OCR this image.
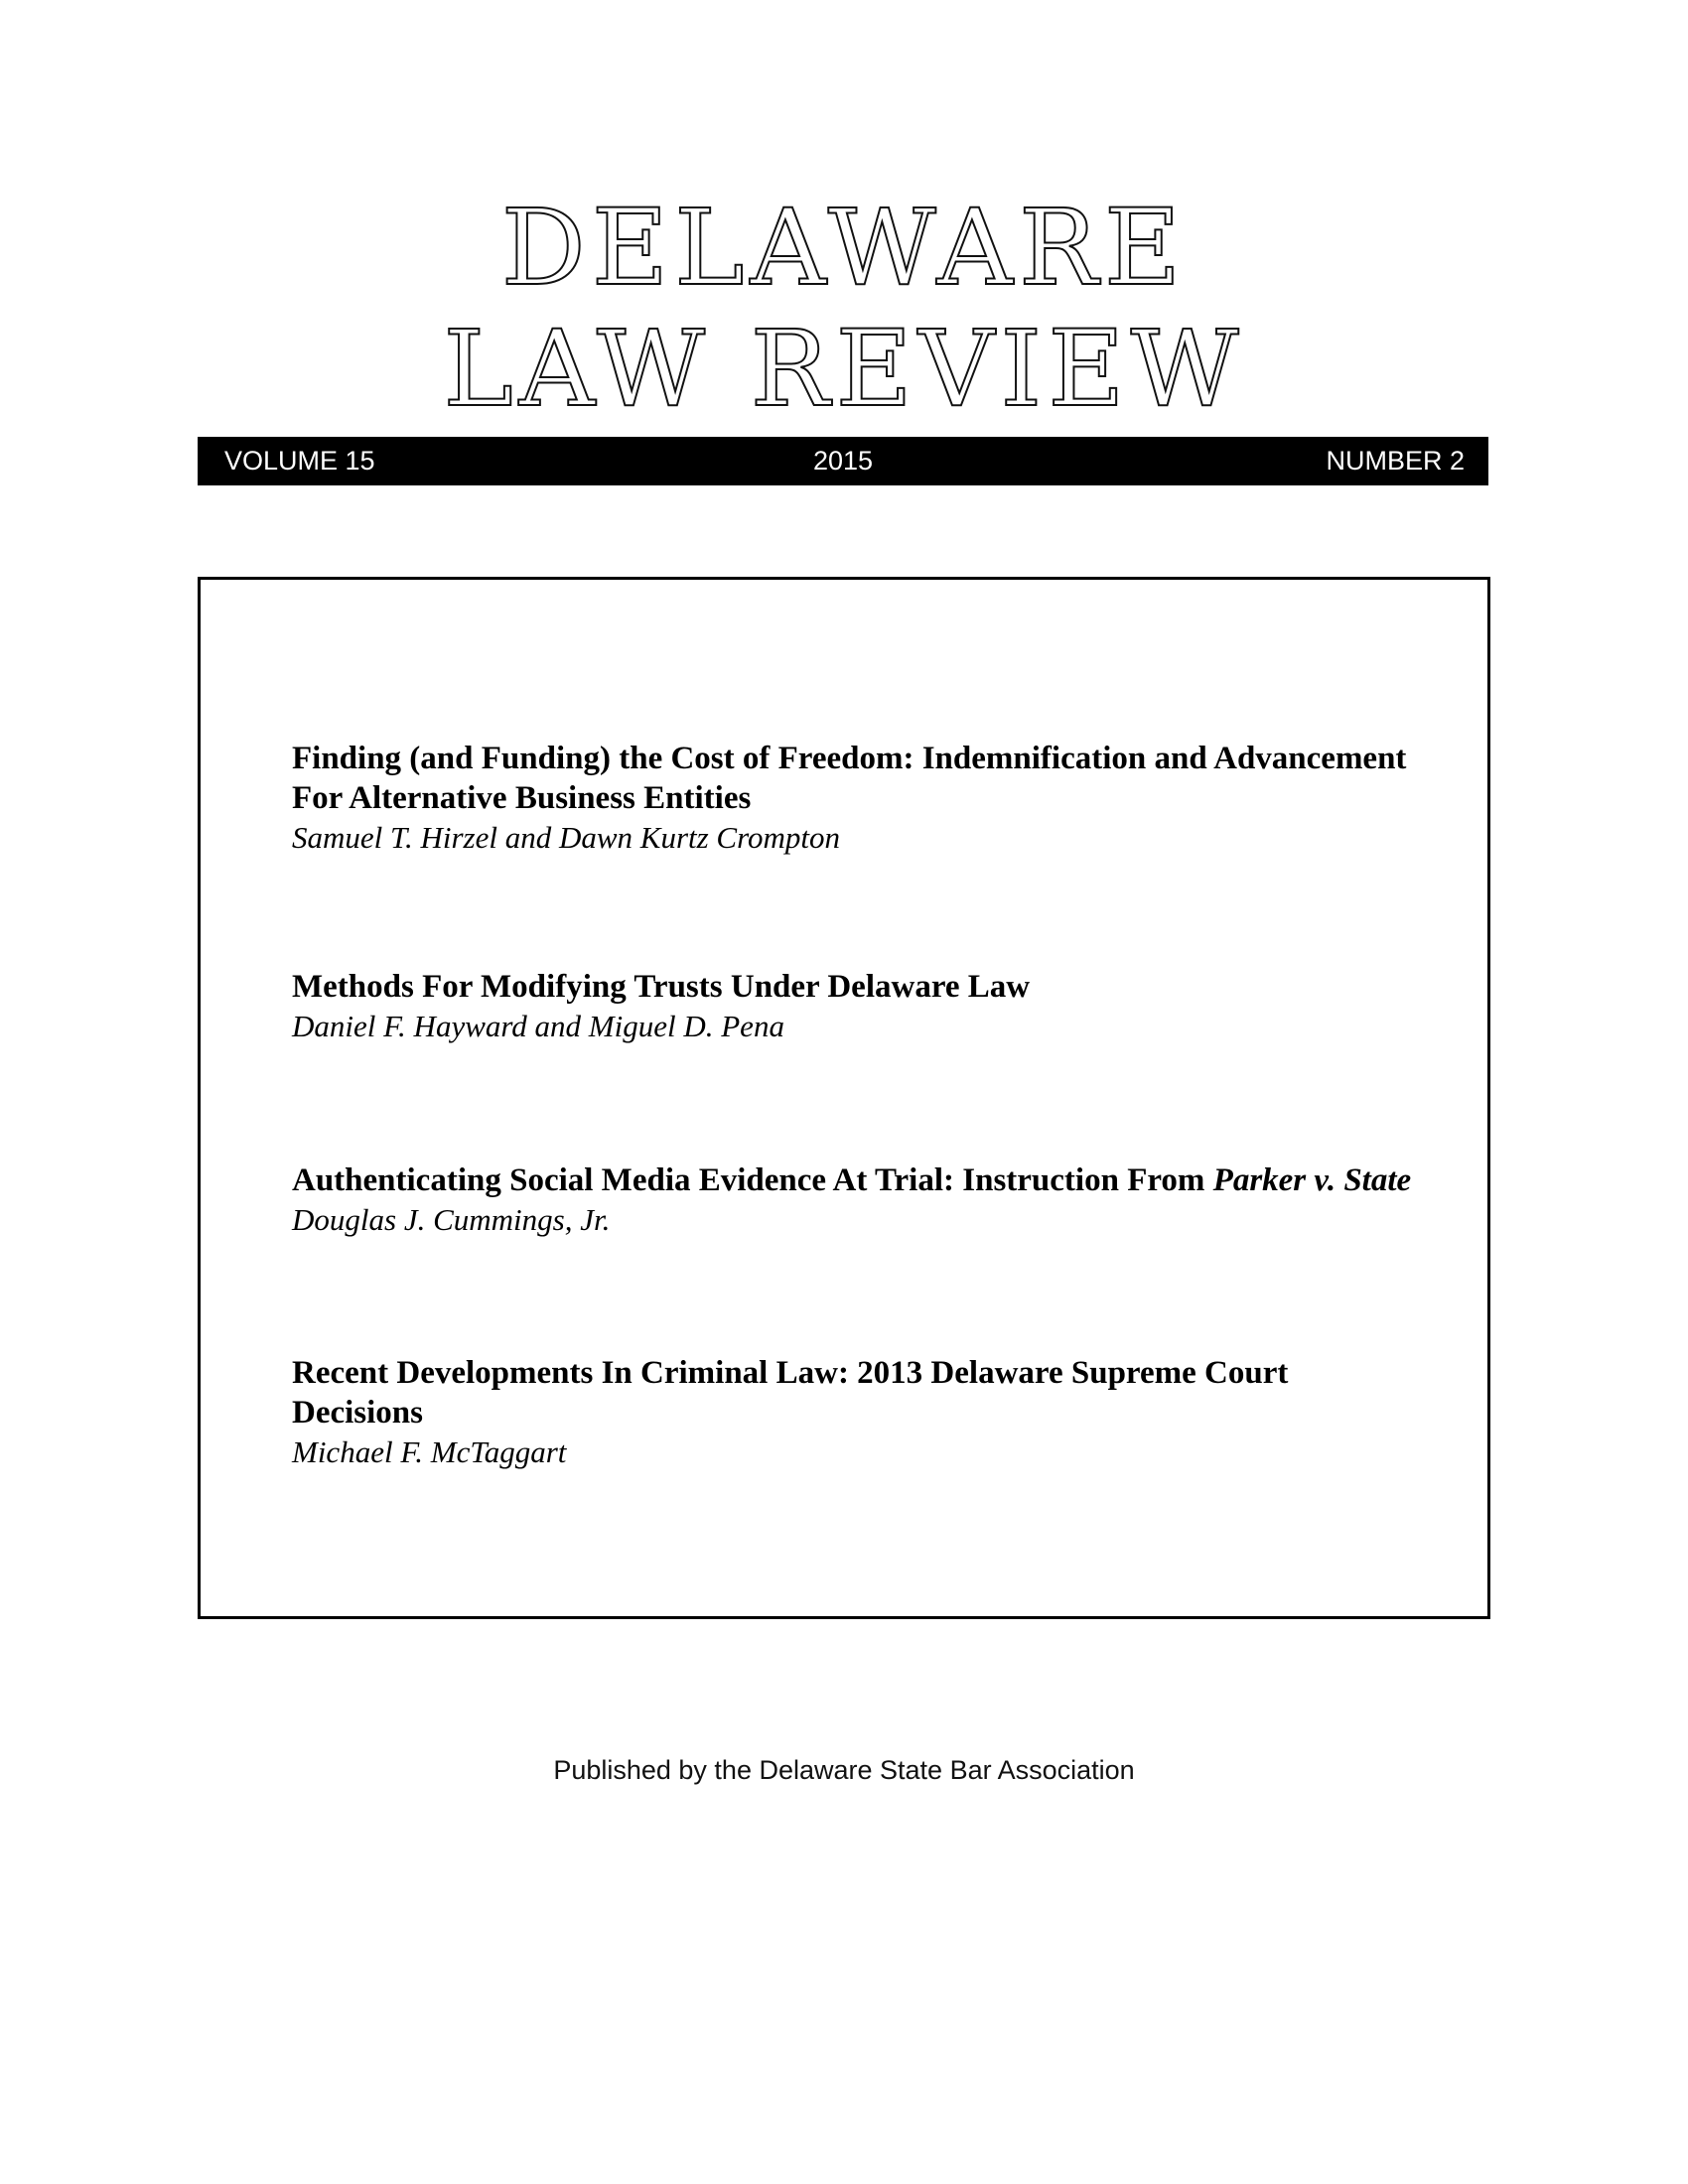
DELAWARE
LAW REVIEW
VOLUME 15	2015	NUMBER 2

Finding (and Funding) the Cost of Freedom: Indemnification and Advancement
For Alternative Business Entities

Samuel T. Hirzel and Dawn Kurtz Crompton

Methods For Modifying Trusts Under Delaware Law

Daniel F. Hayward and Miguel D. Pena

Authenticating Social Media Evidence At Trial: Instruction From Parker v. State

Douglas J. Cummings, Jr.

Recent Developments In Criminal Law: 2013 Delaware Supreme Court Decisions

Michael F. McTaggart

Published by the Delaware State Bar Association
